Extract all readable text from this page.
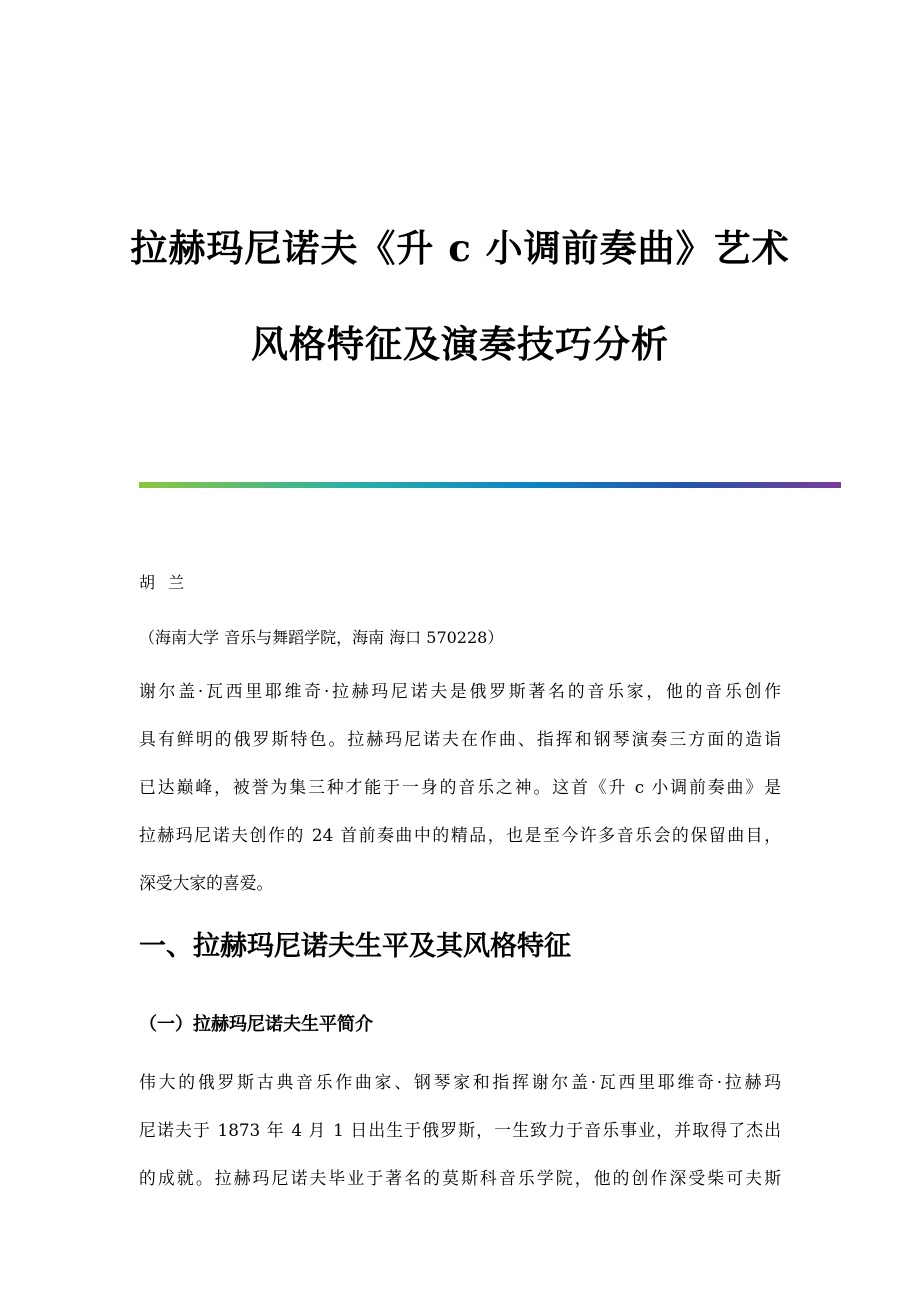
拉赫玛尼诺夫《升 c 小调前奏曲》艺术
风格特征及演奏技巧分析

胡 兰

（海南大学 音乐与舞蹈学院，海南 海口 570228）

谢尔盖·瓦西里耶维奇·拉赫玛尼诺夫是俄罗斯著名的音乐家，他的音乐创作
具有鲜明的俄罗斯特色。拉赫玛尼诺夫在作曲、指挥和钢琴演奏三方面的造诣
已达巅峰，被誉为集三种才能于一身的音乐之神。这首《升 c 小调前奏曲》是
拉赫玛尼诺夫创作的 24 首前奏曲中的精品，也是至今许多音乐会的保留曲目，
深受大家的喜爱。

一、拉赫玛尼诺夫生平及其风格特征
（一）拉赫玛尼诺夫生平简介

伟大的俄罗斯古典音乐作曲家、钢琴家和指挥谢尔盖·瓦西里耶维奇·拉赫玛
尼诺夫于 1873 年 4 月 1 日出生于俄罗斯，一生致力于音乐事业，并取得了杰出
的成就。拉赫玛尼诺夫毕业于著名的莫斯科音乐学院，他的创作深受柴可夫斯
